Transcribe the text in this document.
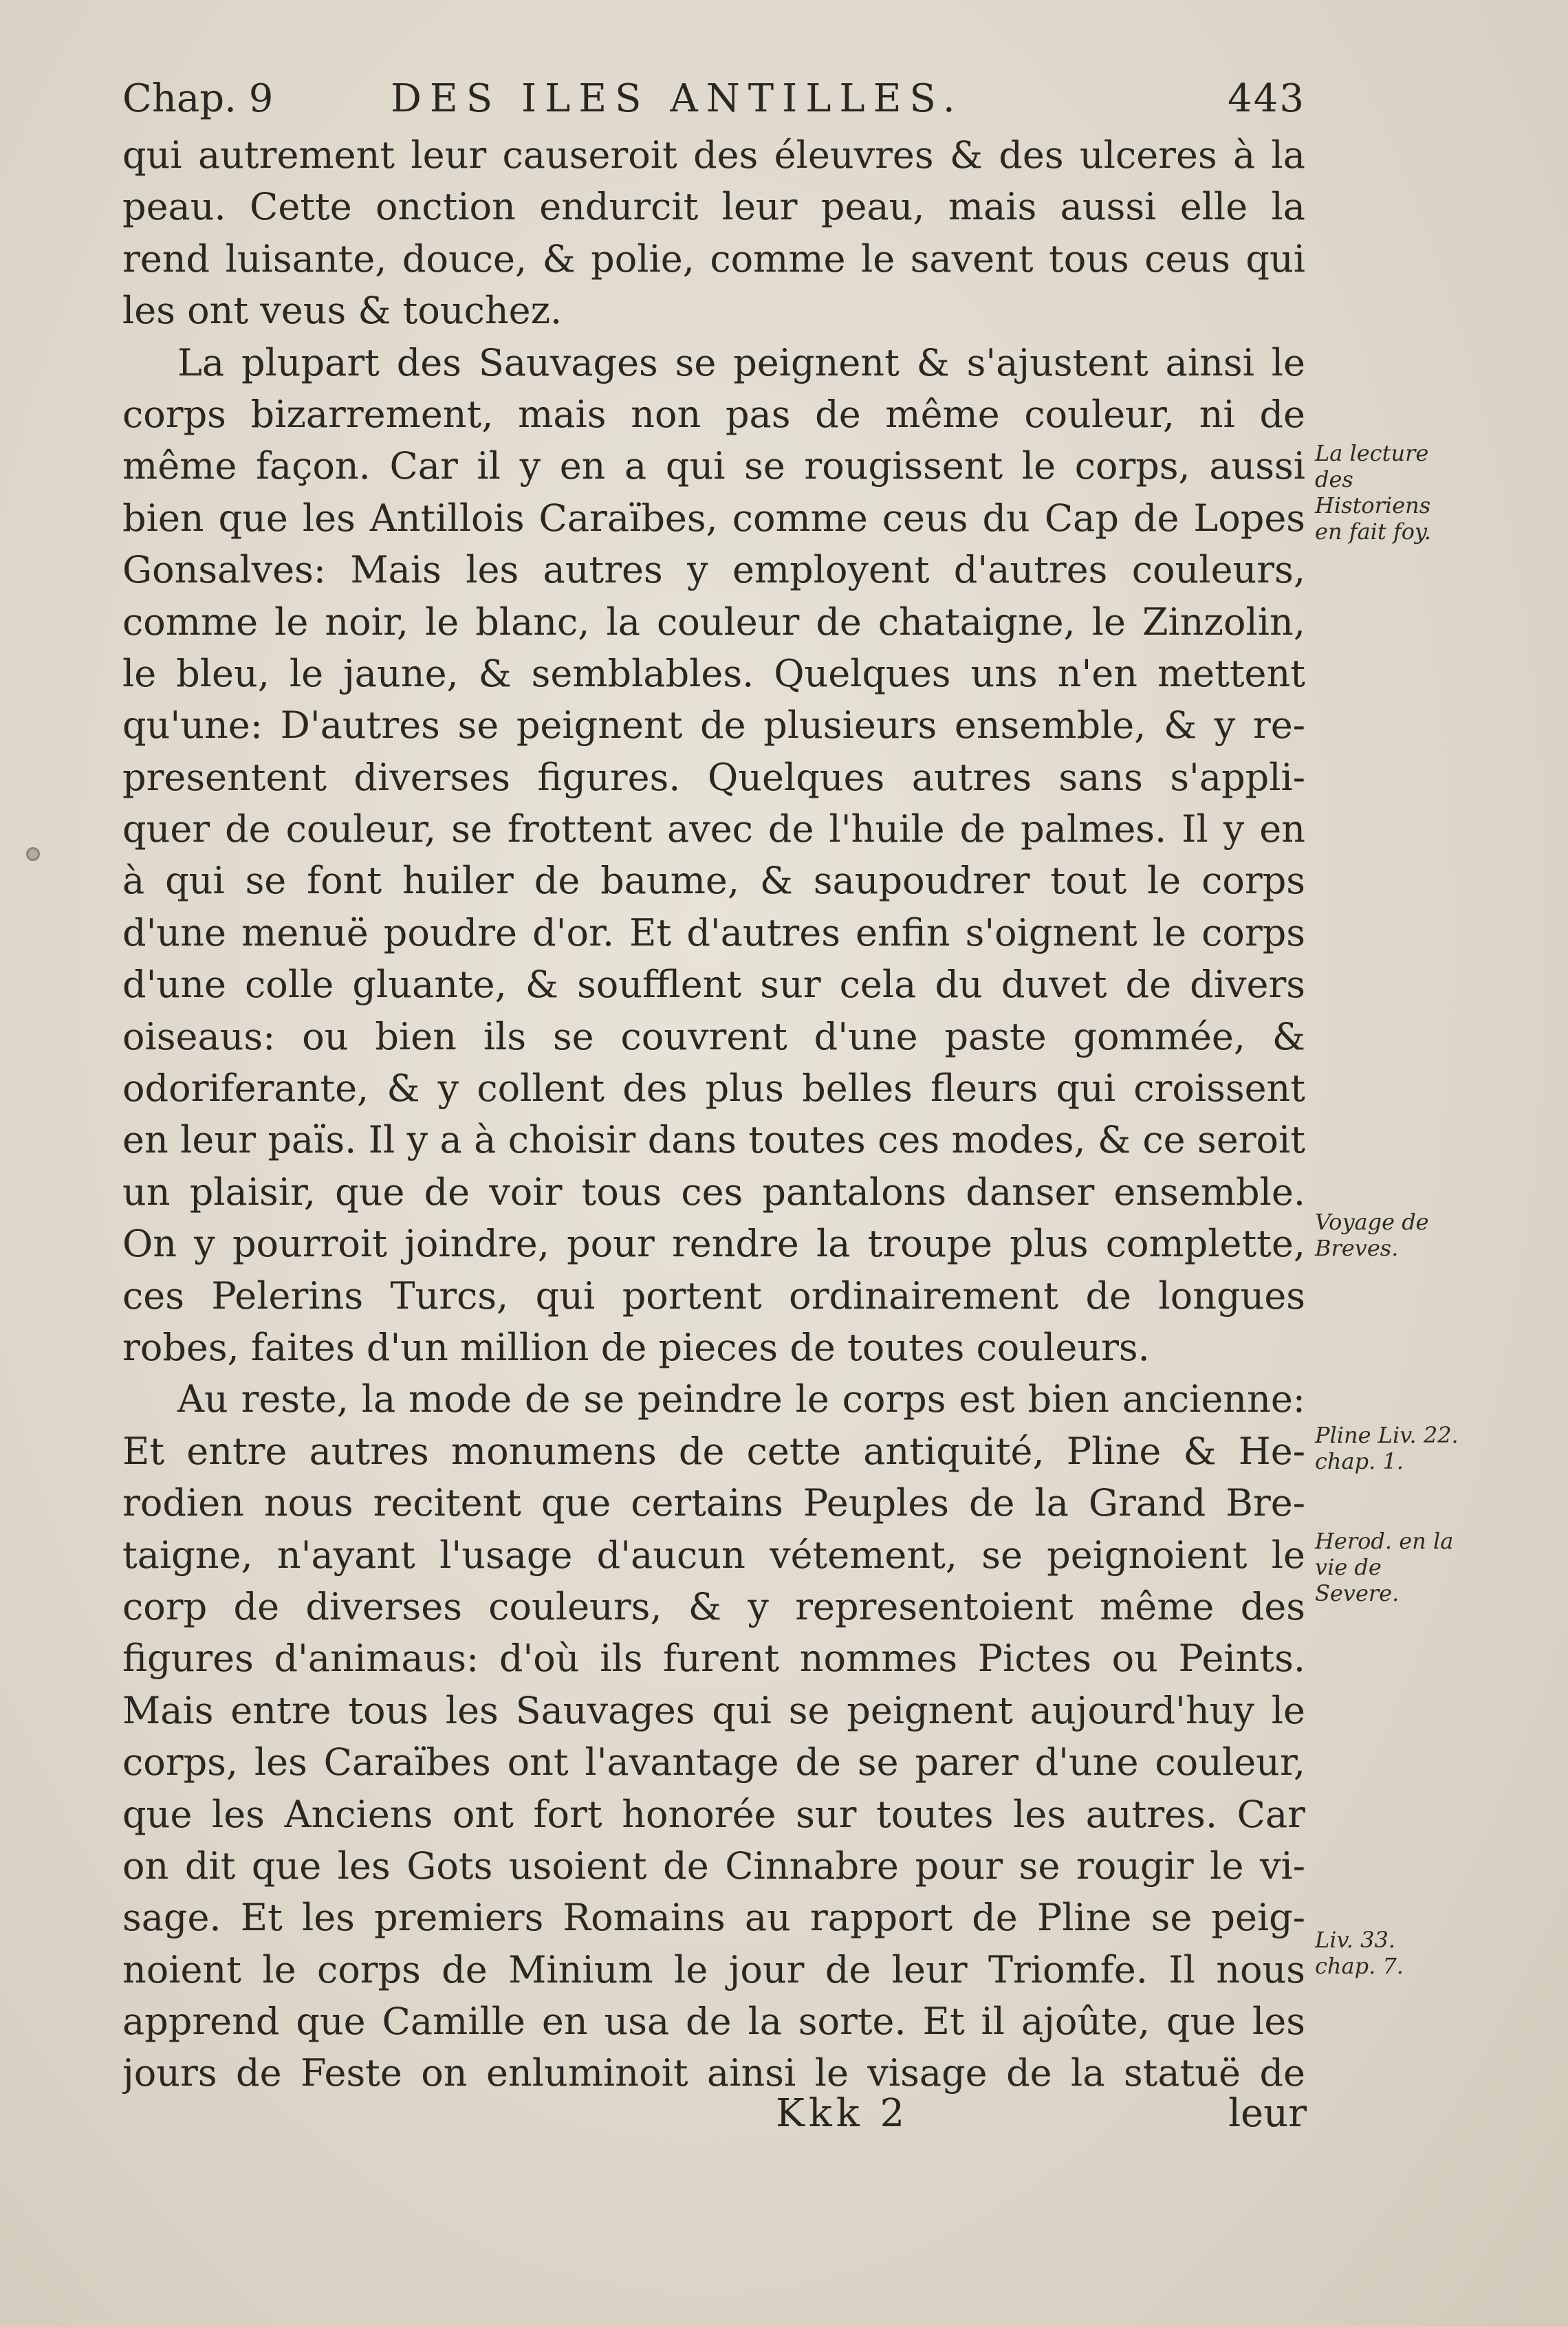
Chap. 9	DES ILES ANTILLES.	443
qui autrement leur causeroit des éleuvres & des ulceres à la
peau. Cette onction endurcit leur peau, mais aussi elle la
rend luisante, douce, & polie, comme le savent tous ceus qui
les ont veus & touchez.
La plupart des Sauvages se peignent & s'ajustent ainsi le
corps bizarrement, mais non pas de même couleur, ni de
même façon. Car il y en a qui se rougissent le corps, aussi
bien que les Antillois Caraïbes, comme ceus du Cap de Lopes
Gonsalves: Mais les autres y employent d'autres couleurs,
comme le noir, le blanc, la couleur de chataigne, le Zinzolin,
le bleu, le jaune, & semblables. Quelques uns n'en mettent
qu'une: D'autres se peignent de plusieurs ensemble, & y re-
presentent diverses figures. Quelques autres sans s'appli-
quer de couleur, se frottent avec de l'huile de palmes. Il y en
à qui se font huiler de baume, & saupoudrer tout le corps
d'une menuë poudre d'or. Et d'autres enfin s'oignent le corps
d'une colle gluante, & soufflent sur cela du duvet de divers
oiseaus: ou bien ils se couvrent d'une paste gommée, &
odoriferante, & y collent des plus belles fleurs qui croissent
en leur païs. Il y a à choisir dans toutes ces modes, & ce seroit
un plaisir, que de voir tous ces pantalons danser ensemble.
On y pourroit joindre, pour rendre la troupe plus complette,
ces Pelerins Turcs, qui portent ordinairement de longues
robes, faites d'un million de pieces de toutes couleurs.
Au reste, la mode de se peindre le corps est bien ancienne:
Et entre autres monumens de cette antiquité, Pline & He-
rodien nous recitent que certains Peuples de la Grand Bre-
taigne, n'ayant l'usage d'aucun vétement, se peignoient le
corp de diverses couleurs, & y representoient même des
figures d'animaus: d'où ils furent nommes Pictes ou Peints.
Mais entre tous les Sauvages qui se peignent aujourd'huy le
corps, les Caraïbes ont l'avantage de se parer d'une couleur,
que les Anciens ont fort honorée sur toutes les autres. Car
on dit que les Gots usoient de Cinnabre pour se rougir le vi-
sage. Et les premiers Romains au rapport de Pline se peig-
noient le corps de Minium le jour de leur Triomfe. Il nous
apprend que Camille en usa de la sorte. Et il ajoûte, que les
jours de Feste on enluminoit ainsi le visage de la statuë de
La lecture des Historiens en fait foy.
Voyage de Breves.
Pline Liv. 22. chap. 1.
Herod. en la vie de Severe.
Liv. 33. chap. 7.
Kkk 2	leur
